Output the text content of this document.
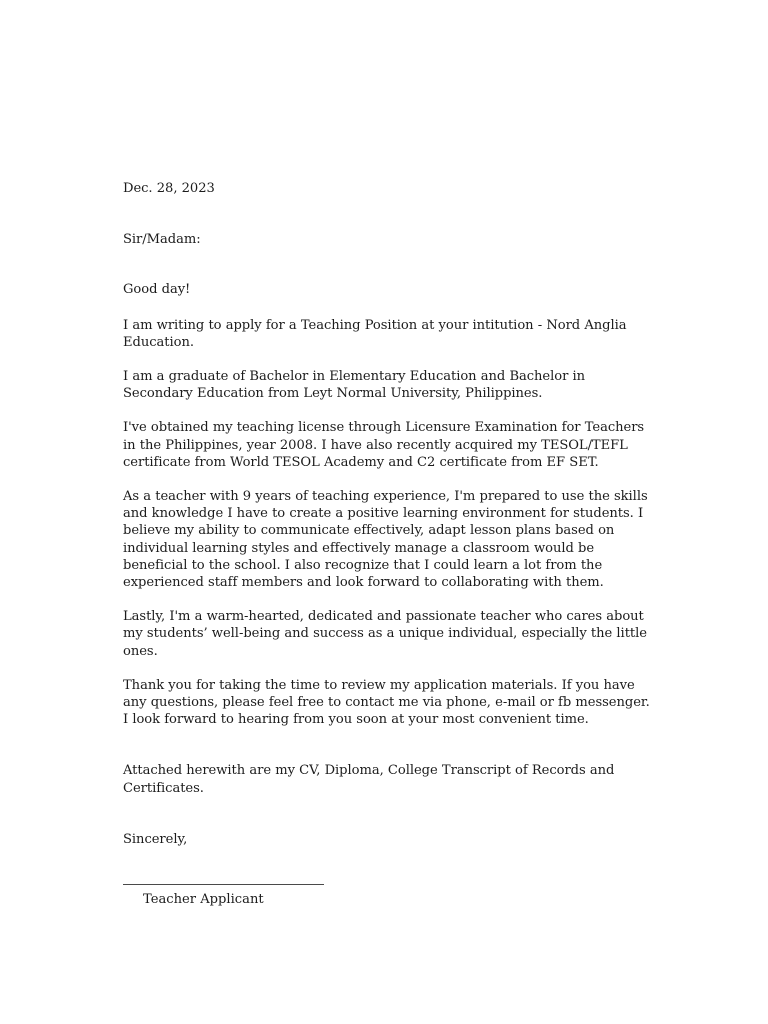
Dec. 28, 2023

Sir/Madam:

Good day!

I am writing to apply for a Teaching Position at your intitution - Nord Anglia Education.

I am a graduate of Bachelor in Elementary Education and Bachelor in Secondary Education from Leyt Normal University, Philippines.

I've obtained my teaching license through Licensure Examination for Teachers in the Philippines, year 2008. I have also recently acquired my TESOL/TEFL certificate from World TESOL Academy and C2 certificate from EF SET.

As a teacher with 9 years of teaching experience, I'm prepared to use the skills and knowledge I have to create a positive learning environment for students. I believe my ability to communicate effectively, adapt lesson plans based on individual learning styles and effectively manage a classroom would be beneficial to the school. I also recognize that I could learn a lot from the experienced staff members and look forward to collaborating with them.

Lastly, I'm a warm-hearted, dedicated and passionate teacher who cares about my students’ well-being and success as a unique individual, especially the little ones.

Thank you for taking the time to review my application materials. If you have any questions, please feel free to contact me via phone, e-mail or fb messenger. I look forward to hearing from you soon at your most convenient time.

Attached herewith are my CV, Diploma, College Transcript of Records and Certificates.

Sincerely,

Teacher Applicant
